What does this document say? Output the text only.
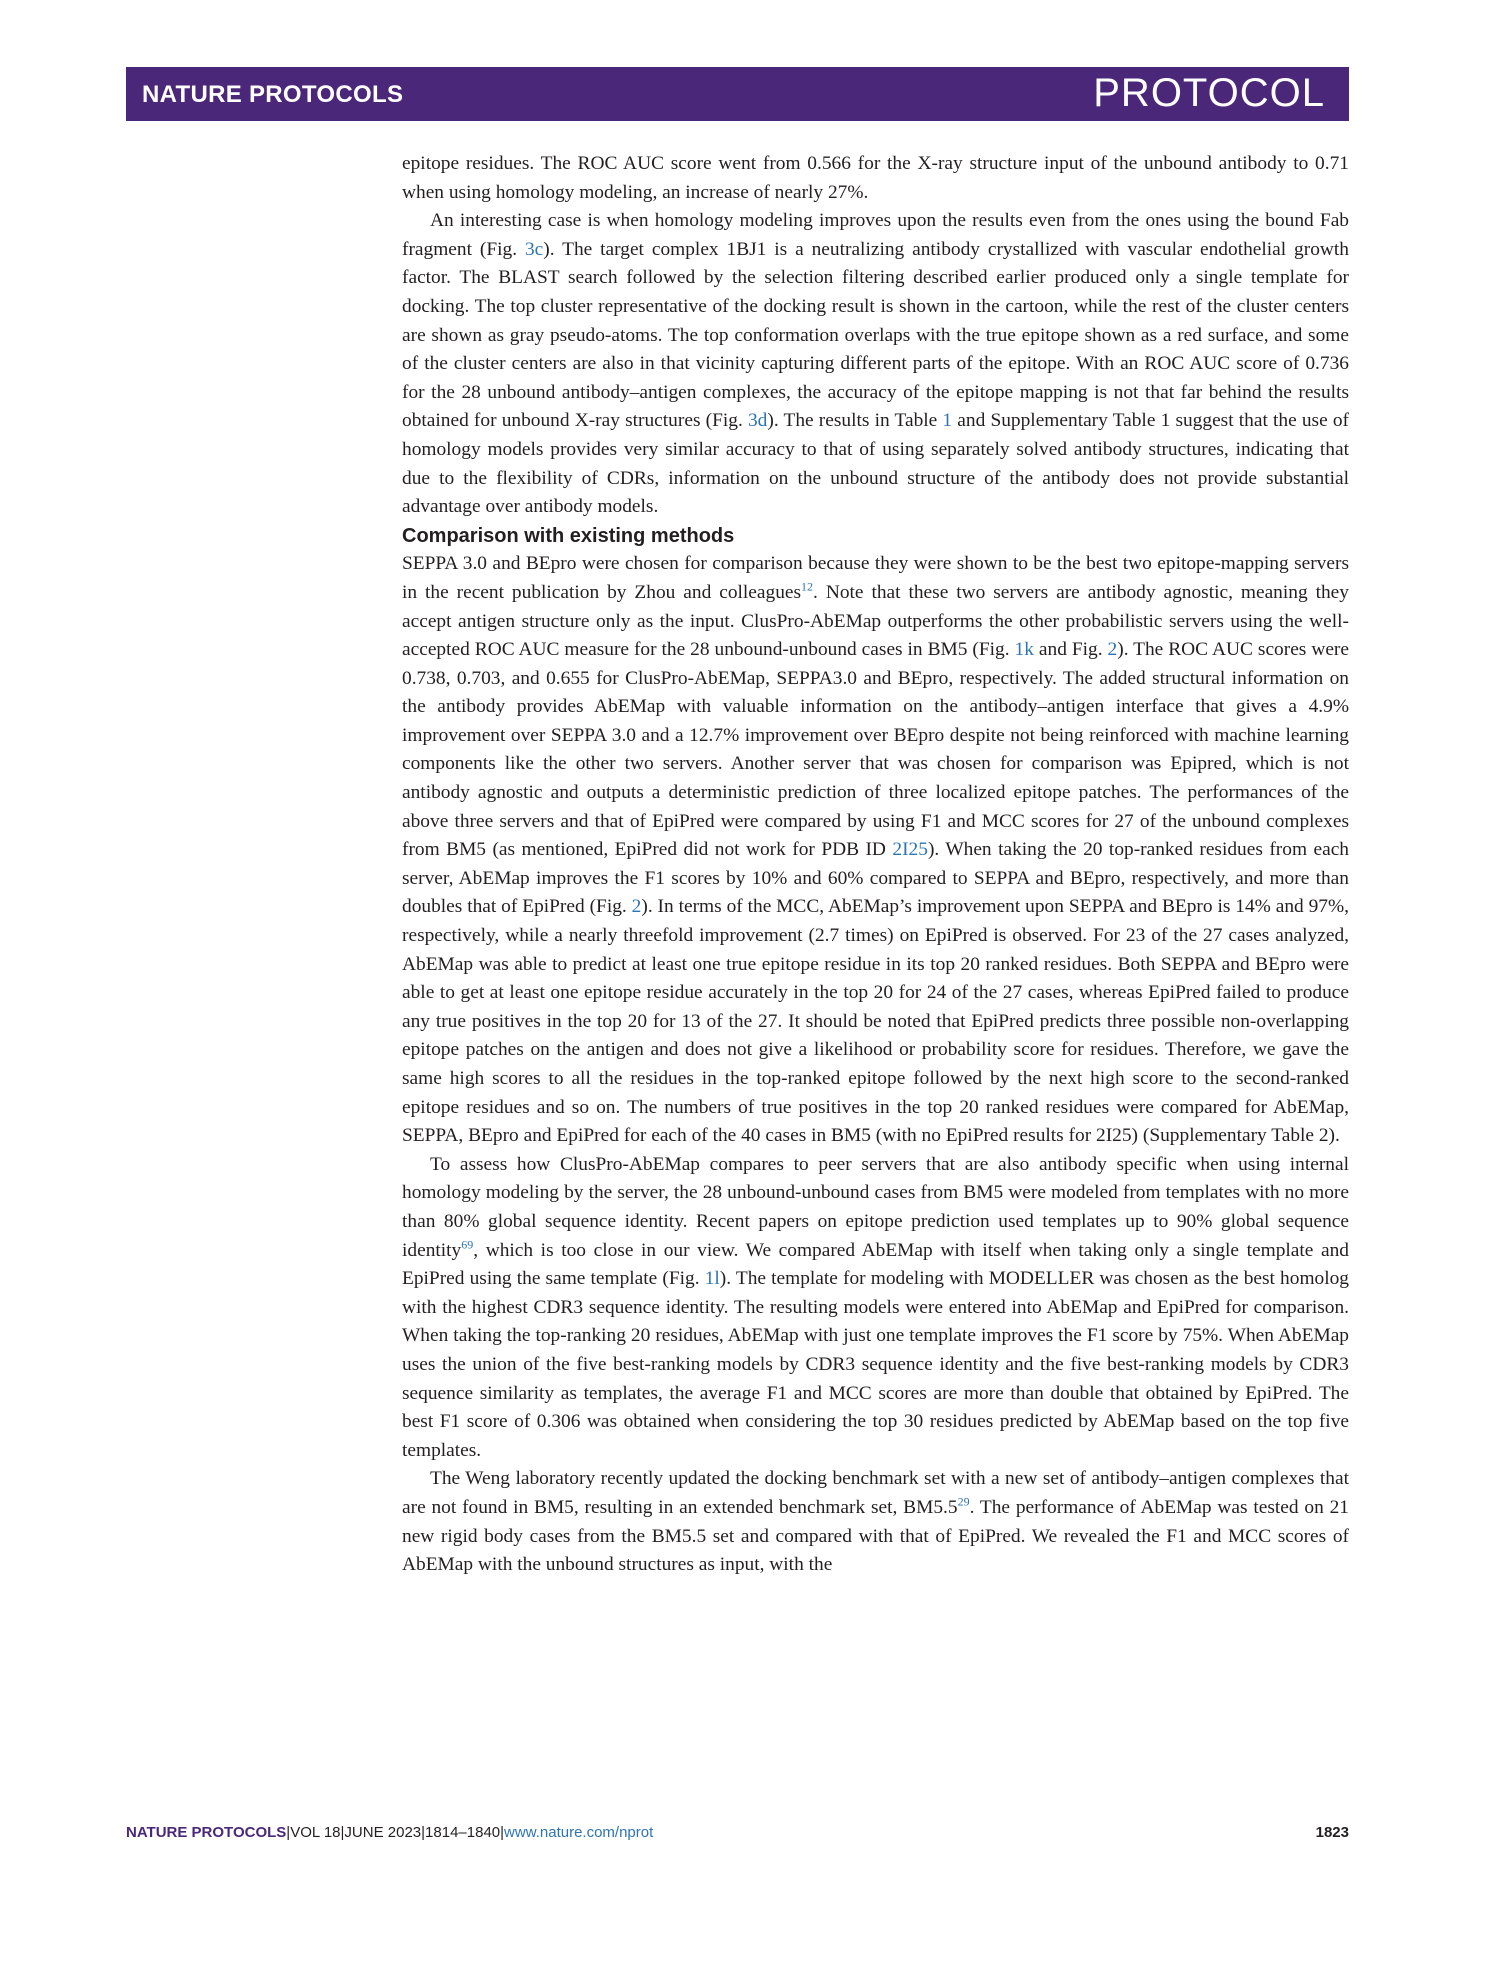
NATURE PROTOCOLS	PROTOCOL

epitope residues. The ROC AUC score went from 0.566 for the X-ray structure input of the unbound antibody to 0.71 when using homology modeling, an increase of nearly 27%.

An interesting case is when homology modeling improves upon the results even from the ones using the bound Fab fragment (Fig. 3c). The target complex 1BJ1 is a neutralizing antibody crystallized with vascular endothelial growth factor. The BLAST search followed by the selection filtering described earlier produced only a single template for docking. The top cluster representative of the docking result is shown in the cartoon, while the rest of the cluster centers are shown as gray pseudo-atoms. The top conformation overlaps with the true epitope shown as a red surface, and some of the cluster centers are also in that vicinity capturing different parts of the epitope. With an ROC AUC score of 0.736 for the 28 unbound antibody–antigen complexes, the accuracy of the epitope mapping is not that far behind the results obtained for unbound X-ray structures (Fig. 3d). The results in Table 1 and Supplementary Table 1 suggest that the use of homology models provides very similar accuracy to that of using separately solved antibody structures, indicating that due to the flexibility of CDRs, information on the unbound structure of the antibody does not provide substantial advantage over antibody models.

Comparison with existing methods

SEPPA 3.0 and BEpro were chosen for comparison because they were shown to be the best two epitope-mapping servers in the recent publication by Zhou and colleagues$^{12}$. Note that these two servers are antibody agnostic, meaning they accept antigen structure only as the input. ClusPro-AbEMap outperforms the other probabilistic servers using the well-accepted ROC AUC measure for the 28 unbound-unbound cases in BM5 (Fig. 1k and Fig. 2). The ROC AUC scores were 0.738, 0.703, and 0.655 for ClusPro-AbEMap, SEPPA3.0 and BEpro, respectively. The added structural information on the antibody provides AbEMap with valuable information on the antibody–antigen interface that gives a 4.9% improvement over SEPPA 3.0 and a 12.7% improvement over BEpro despite not being reinforced with machine learning components like the other two servers. Another server that was chosen for comparison was Epipred, which is not antibody agnostic and outputs a deterministic prediction of three localized epitope patches. The performances of the above three servers and that of EpiPred were compared by using F1 and MCC scores for 27 of the unbound complexes from BM5 (as mentioned, EpiPred did not work for PDB ID 2I25). When taking the 20 top-ranked residues from each server, AbEMap improves the F1 scores by 10% and 60% compared to SEPPA and BEpro, respectively, and more than doubles that of EpiPred (Fig. 2). In terms of the MCC, AbEMap’s improvement upon SEPPA and BEpro is 14% and 97%, respectively, while a nearly threefold improvement (2.7 times) on EpiPred is observed. For 23 of the 27 cases analyzed, AbEMap was able to predict at least one true epitope residue in its top 20 ranked residues. Both SEPPA and BEpro were able to get at least one epitope residue accurately in the top 20 for 24 of the 27 cases, whereas EpiPred failed to produce any true positives in the top 20 for 13 of the 27. It should be noted that EpiPred predicts three possible non-overlapping epitope patches on the antigen and does not give a likelihood or probability score for residues. Therefore, we gave the same high scores to all the residues in the top-ranked epitope followed by the next high score to the second-ranked epitope residues and so on. The numbers of true positives in the top 20 ranked residues were compared for AbEMap, SEPPA, BEpro and EpiPred for each of the 40 cases in BM5 (with no EpiPred results for 2I25) (Supplementary Table 2).

To assess how ClusPro-AbEMap compares to peer servers that are also antibody specific when using internal homology modeling by the server, the 28 unbound-unbound cases from BM5 were modeled from templates with no more than 80% global sequence identity. Recent papers on epitope prediction used templates up to 90% global sequence identity$^{69}$, which is too close in our view. We compared AbEMap with itself when taking only a single template and EpiPred using the same template (Fig. 1l). The template for modeling with MODELLER was chosen as the best homolog with the highest CDR3 sequence identity. The resulting models were entered into AbEMap and EpiPred for comparison. When taking the top-ranking 20 residues, AbEMap with just one template improves the F1 score by 75%. When AbEMap uses the union of the five best-ranking models by CDR3 sequence identity and the five best-ranking models by CDR3 sequence similarity as templates, the average F1 and MCC scores are more than double that obtained by EpiPred. The best F1 score of 0.306 was obtained when considering the top 30 residues predicted by AbEMap based on the top five templates.

The Weng laboratory recently updated the docking benchmark set with a new set of antibody–antigen complexes that are not found in BM5, resulting in an extended benchmark set, BM5.5$^{29}$. The performance of AbEMap was tested on 21 new rigid body cases from the BM5.5 set and compared with that of EpiPred. We revealed the F1 and MCC scores of AbEMap with the unbound structures as input, with the

NATURE PROTOCOLS|VOL 18|JUNE 2023|1814–1840|www.nature.com/nprot	1823
